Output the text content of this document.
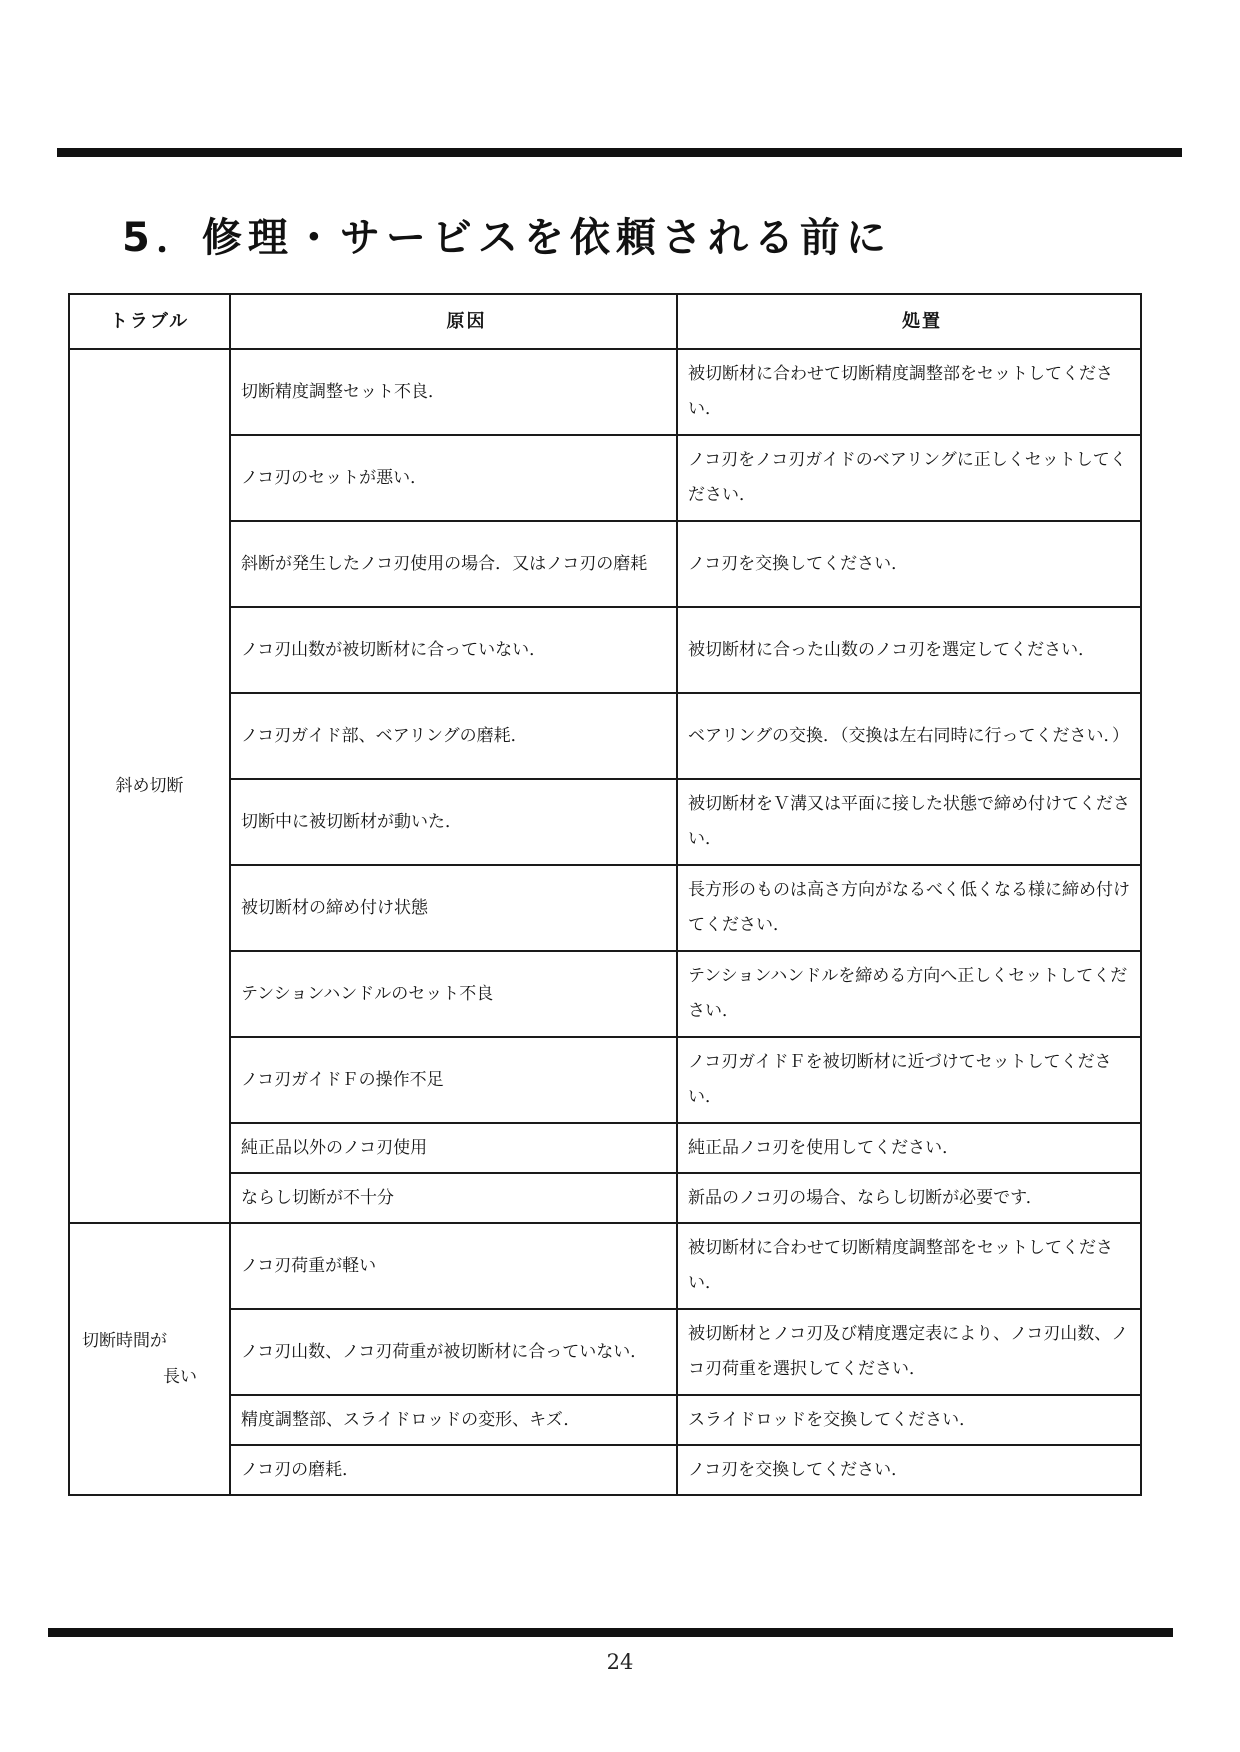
5．修理・サービスを依頼される前に
トラブル	原因	処置
斜め切断	切断精度調整セット不良．	被切断材に合わせて切断精度調整部をセットしてください．
	ノコ刃のセットが悪い．	ノコ刃をノコ刃ガイドのベアリングに正しくセットしてください．
	斜断が発生したノコ刃使用の場合．又はノコ刃の磨耗	ノコ刃を交換してください．
	ノコ刃山数が被切断材に合っていない．	被切断材に合った山数のノコ刃を選定してください．
	ノコ刃ガイド部、ベアリングの磨耗．	ベアリングの交換．（交換は左右同時に行ってください．）
	切断中に被切断材が動いた．	被切断材をＶ溝又は平面に接した状態で締め付けてください．
	被切断材の締め付け状態	長方形のものは高さ方向がなるべく低くなる様に締め付けてください．
	テンションハンドルのセット不良	テンションハンドルを締める方向へ正しくセットしてください．
	ノコ刃ガイドＦの操作不足	ノコ刃ガイドＦを被切断材に近づけてセットしてください．
	純正品以外のノコ刃使用	純正品ノコ刃を使用してください．
	ならし切断が不十分	新品のノコ刃の場合、ならし切断が必要です．

切断時間が
長い	ノコ刃荷重が軽い	被切断材に合わせて切断精度調整部をセットしてください．
	ノコ刃山数、ノコ刃荷重が被切断材に合っていない．	被切断材とノコ刃及び精度選定表により、ノコ刃山数、ノコ刃荷重を選択してください．
	精度調整部、スライドロッドの変形、キズ．	スライドロッドを交換してください．
	ノコ刃の磨耗．	ノコ刃を交換してください．
24
